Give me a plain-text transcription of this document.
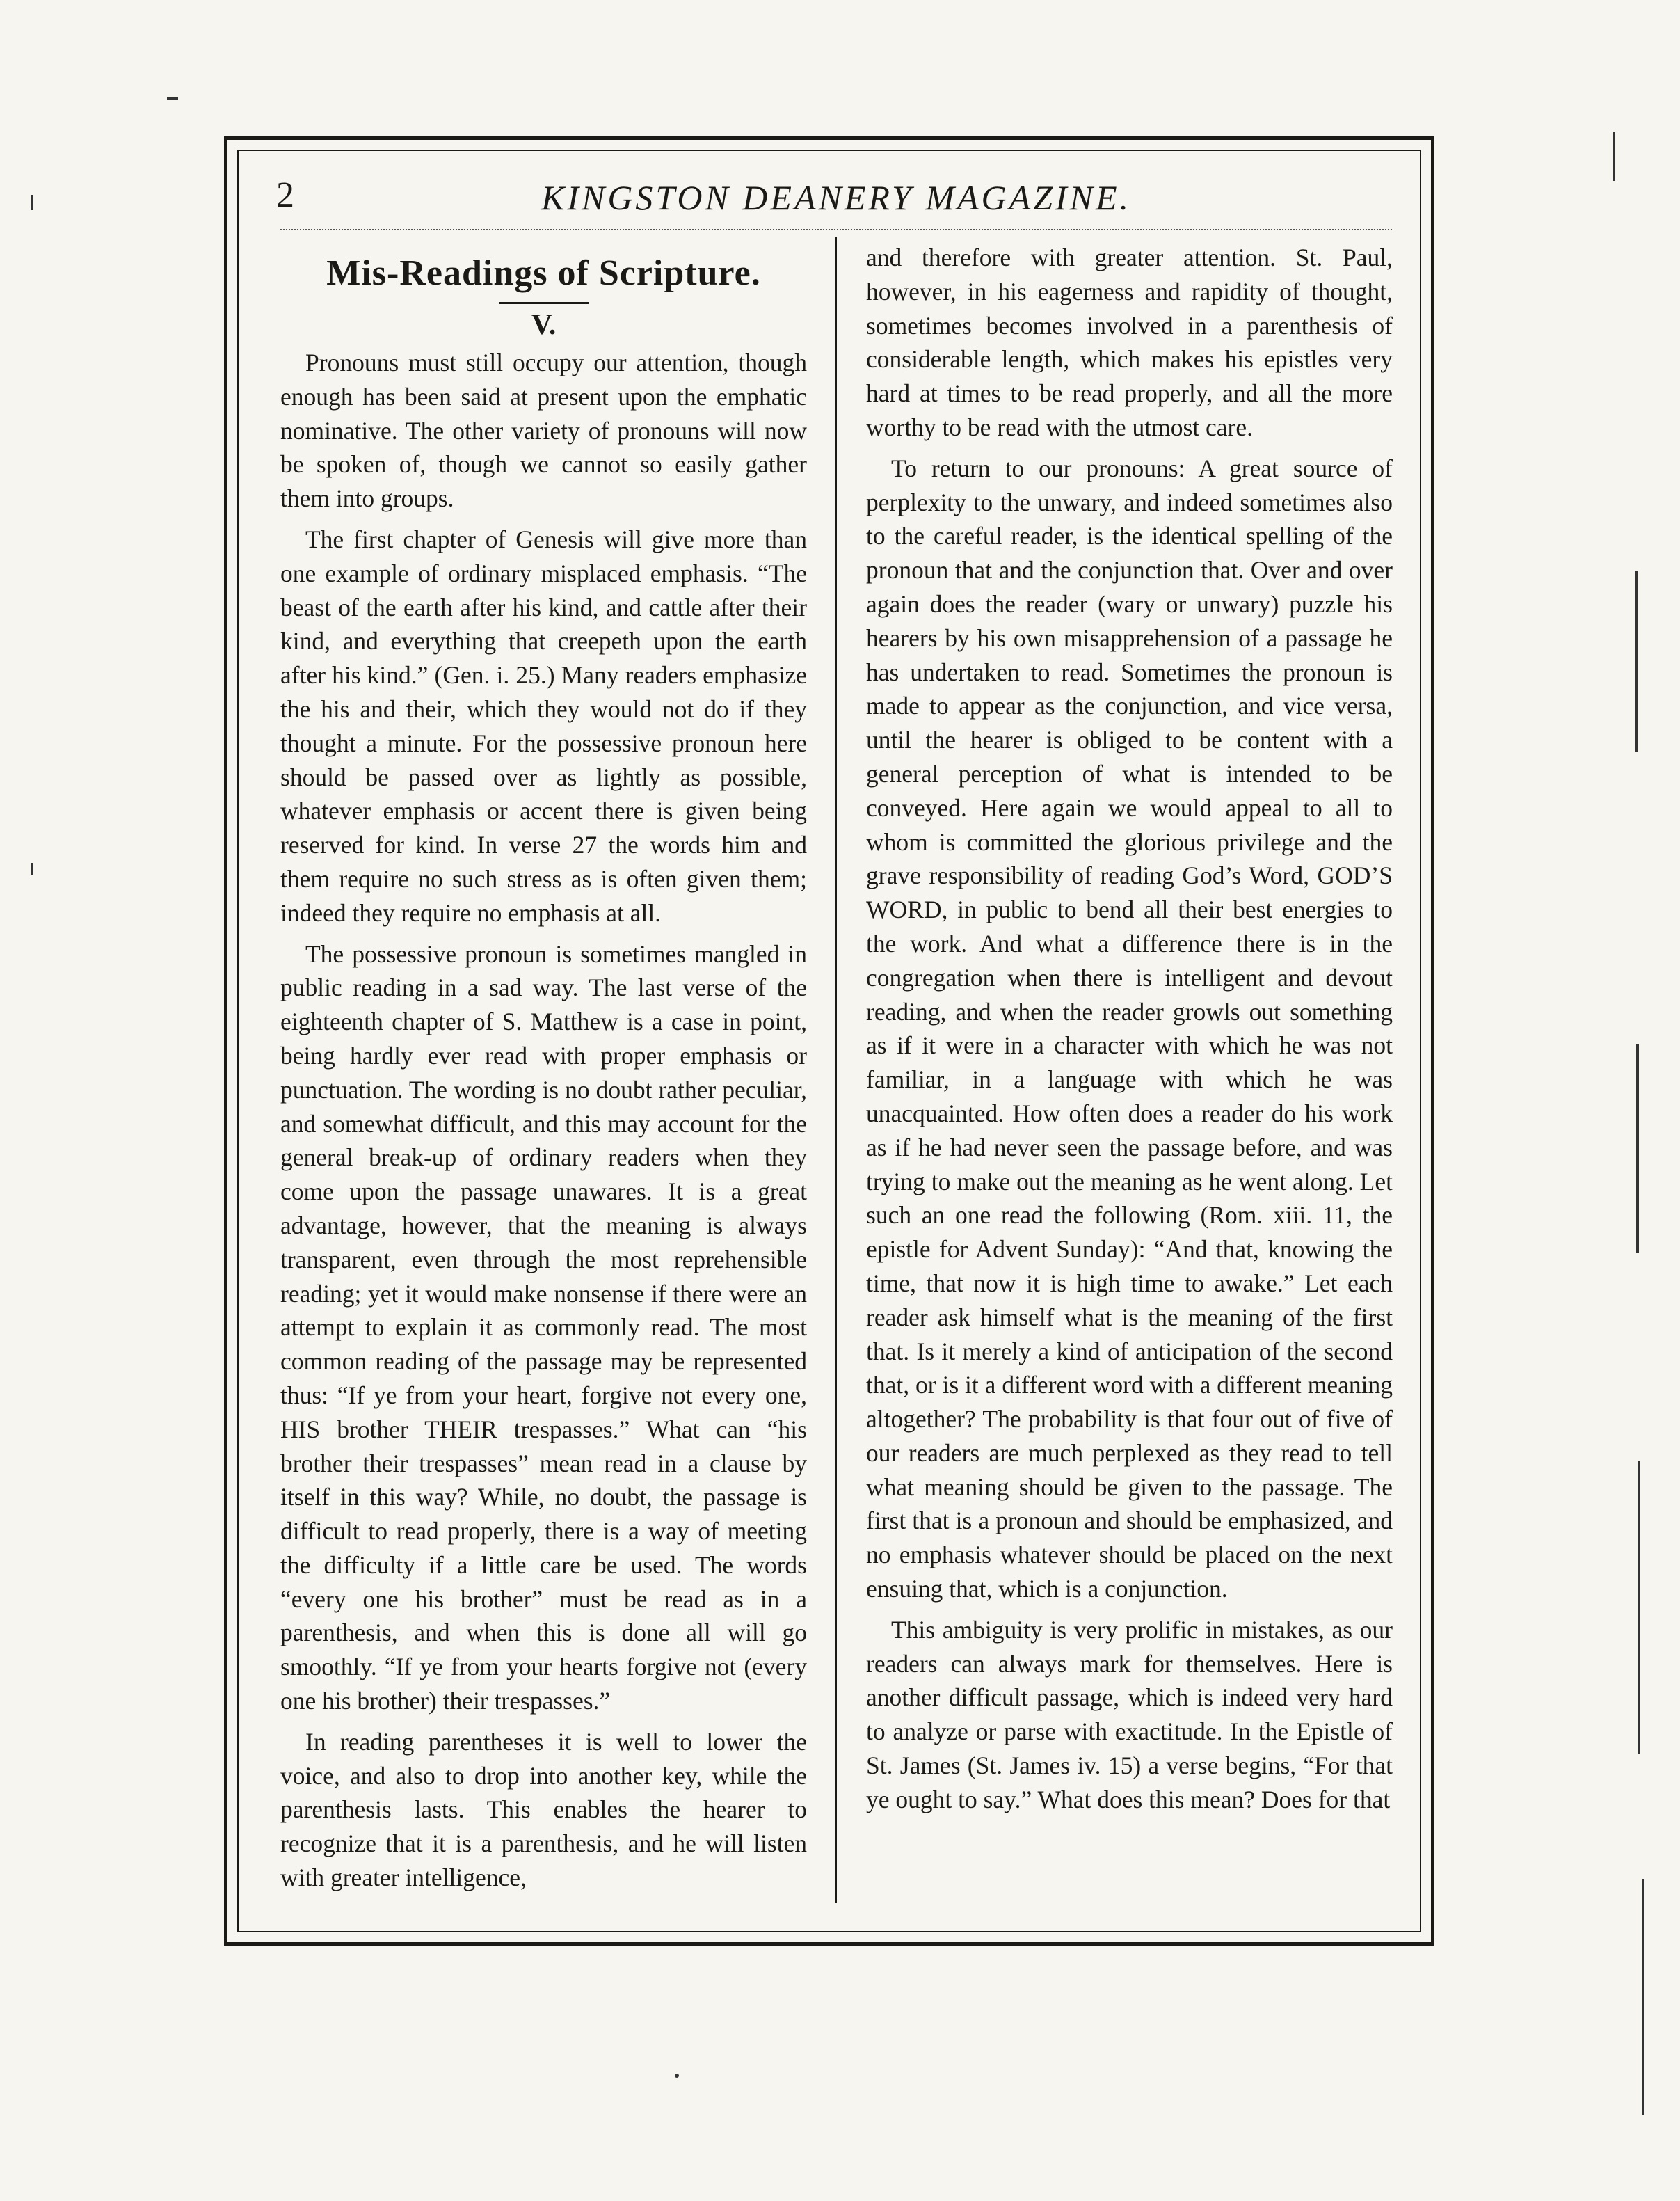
2	KINGSTON DEANERY MAGAZINE.
Mis-Readings of Scripture.
V.

Pronouns must still occupy our attention, though enough has been said at present upon the emphatic nominative. The other variety of pronouns will now be spoken of, though we cannot so easily gather them into groups.

The first chapter of Genesis will give more than one example of ordinary misplaced emphasis. “The beast of the earth after his kind, and cattle after their kind, and everything that creepeth upon the earth after his kind.” (Gen. i. 25.) Many readers emphasize the his and their, which they would not do if they thought a minute. For the possessive pronoun here should be passed over as lightly as possible, whatever emphasis or accent there is given being reserved for kind. In verse 27 the words him and them require no such stress as is often given them; indeed they require no emphasis at all.

The possessive pronoun is sometimes mangled in public reading in a sad way. The last verse of the eighteenth chapter of S. Matthew is a case in point, being hardly ever read with proper emphasis or punctuation. The wording is no doubt rather peculiar, and somewhat difficult, and this may account for the general break-up of ordinary readers when they come upon the passage unawares. It is a great advantage, however, that the meaning is always transparent, even through the most reprehensible reading; yet it would make nonsense if there were an attempt to explain it as commonly read. The most common reading of the passage may be represented thus: “If ye from your heart, forgive not every one, HIS brother THEIR trespasses.” What can “his brother their trespasses” mean read in a clause by itself in this way? While, no doubt, the passage is difficult to read properly, there is a way of meeting the difficulty if a little care be used. The words “every one his brother” must be read as in a parenthesis, and when this is done all will go smoothly. “If ye from your hearts forgive not (every one his brother) their trespasses.”

In reading parentheses it is well to lower the voice, and also to drop into another key, while the parenthesis lasts. This enables the hearer to recognize that it is a parenthesis, and he will listen with greater intelligence,

and therefore with greater attention. St. Paul, however, in his eagerness and rapidity of thought, sometimes becomes involved in a parenthesis of considerable length, which makes his epistles very hard at times to be read properly, and all the more worthy to be read with the utmost care.

To return to our pronouns: A great source of perplexity to the unwary, and indeed sometimes also to the careful reader, is the identical spelling of the pronoun that and the conjunction that. Over and over again does the reader (wary or unwary) puzzle his hearers by his own misapprehension of a passage he has undertaken to read. Sometimes the pronoun is made to appear as the conjunction, and vice versa, until the hearer is obliged to be content with a general perception of what is intended to be conveyed. Here again we would appeal to all to whom is committed the glorious privilege and the grave responsibility of reading God’s Word, GOD’S WORD, in public to bend all their best energies to the work. And what a difference there is in the congregation when there is intelligent and devout reading, and when the reader growls out something as if it were in a character with which he was not familiar, in a language with which he was unacquainted. How often does a reader do his work as if he had never seen the passage before, and was trying to make out the meaning as he went along. Let such an one read the following (Rom. xiii. 11, the epistle for Advent Sunday): “And that, knowing the time, that now it is high time to awake.” Let each reader ask himself what is the meaning of the first that. Is it merely a kind of anticipation of the second that, or is it a different word with a different meaning altogether? The probability is that four out of five of our readers are much perplexed as they read to tell what meaning should be given to the passage. The first that is a pronoun and should be emphasized, and no emphasis whatever should be placed on the next ensuing that, which is a conjunction.

This ambiguity is very prolific in mistakes, as our readers can always mark for themselves. Here is another difficult passage, which is indeed very hard to analyze or parse with exactitude. In the Epistle of St. James (St. James iv. 15) a verse begins, “For that ye ought to say.” What does this mean? Does for that
